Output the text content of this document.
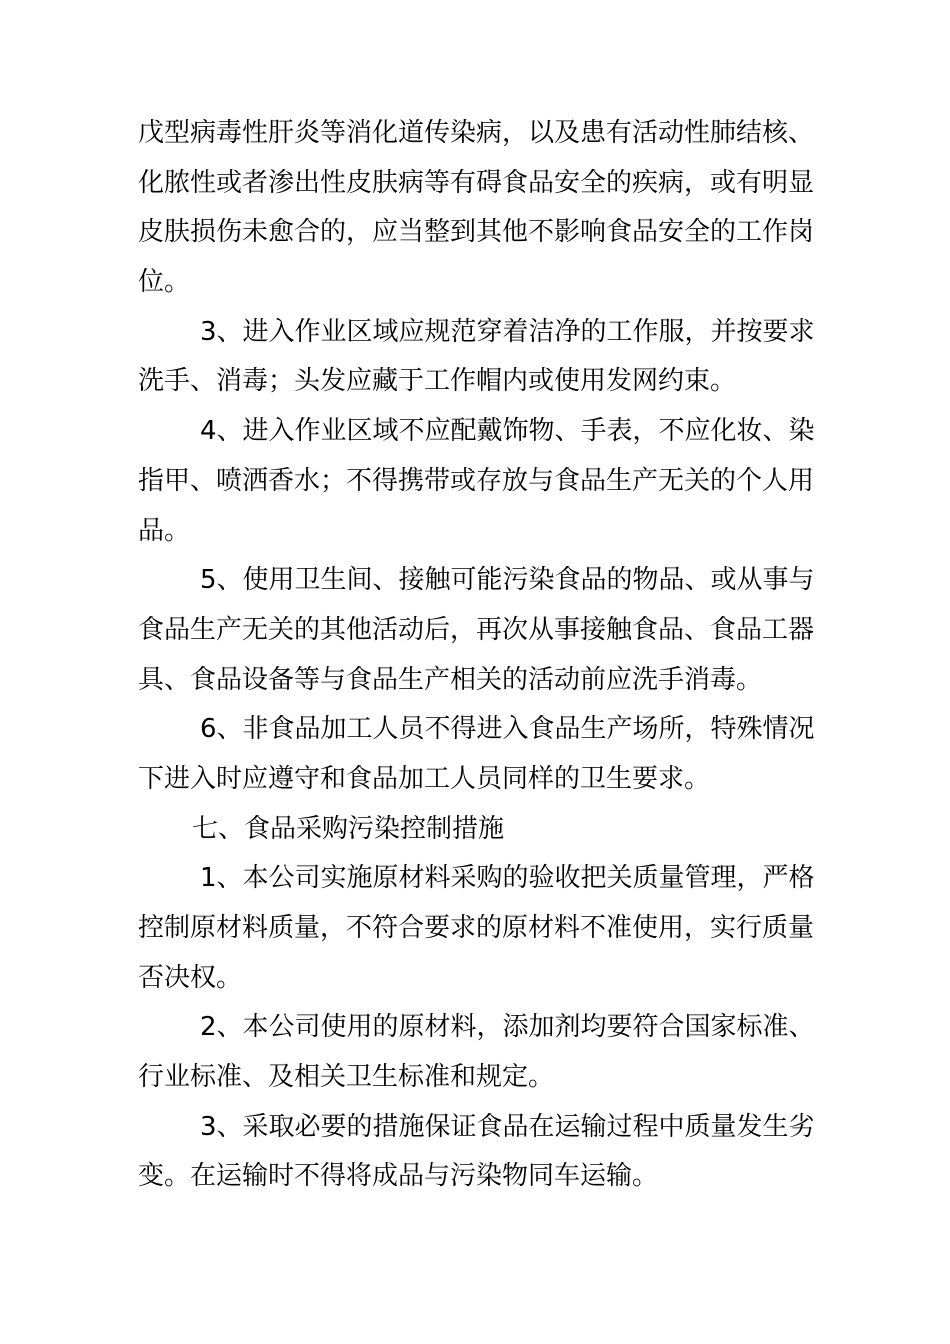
戊型病毒性肝炎等消化道传染病，以及患有活动性肺结核、

化脓性或者渗出性皮肤病等有碍食品安全的疾病，或有明显

皮肤损伤未愈合的，应当整到其他不影响食品安全的工作岗

位。

3、进入作业区域应规范穿着洁净的工作服，并按要求

洗手、消毒；头发应藏于工作帽内或使用发网约束。

4、进入作业区域不应配戴饰物、手表，不应化妆、染

指甲、喷洒香水；不得携带或存放与食品生产无关的个人用

品。

5、使用卫生间、接触可能污染食品的物品、或从事与

食品生产无关的其他活动后，再次从事接触食品、食品工器

具、食品设备等与食品生产相关的活动前应洗手消毒。

6、非食品加工人员不得进入食品生产场所，特殊情况

下进入时应遵守和食品加工人员同样的卫生要求。

七、食品采购污染控制措施

1、本公司实施原材料采购的验收把关质量管理，严格

控制原材料质量，不符合要求的原材料不准使用，实行质量

否决权。

2、本公司使用的原材料，添加剂均要符合国家标准、

行业标准、及相关卫生标准和规定。

3、采取必要的措施保证食品在运输过程中质量发生劣

变。在运输时不得将成品与污染物同车运输。
